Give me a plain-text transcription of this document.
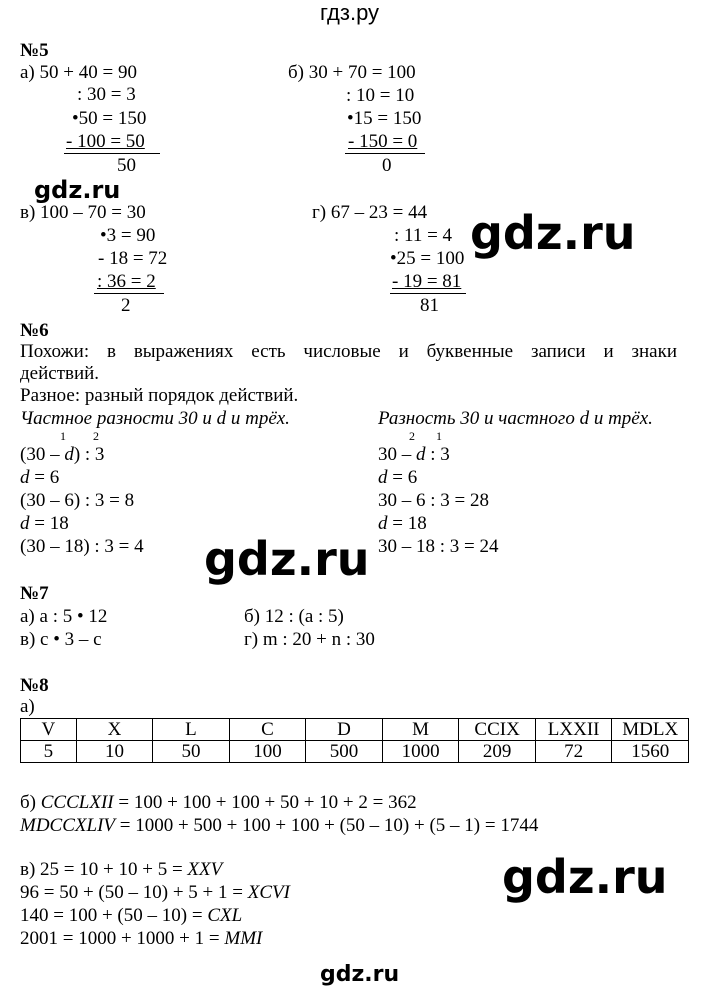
гдз.ру
№5
а) 50 + 40 = 90
: 30 = 3
•50 = 150
- 100 = 50
50
б) 30 + 70 = 100
: 10 = 10
•15 = 150
- 150 = 0
0
gdz.ru
в) 100 – 70 = 30
•3 = 90
- 18 = 72
: 36 = 2
2
г) 67 – 23 = 44
: 11 = 4
•25 = 100
- 19 = 81
81
gdz.ru
№6
Похожи: в выражениях есть числовые и буквенные записи и знаки
действий.
Разное: разный порядок действий.
Частное разности 30 и d и трёх.	Разность 30 и частного d и трёх.
1 2	2 1
(30 – d) : 3
d = 6
(30 – 6) : 3 = 8
d = 18
(30 – 18) : 3 = 4
30 – d : 3
d = 6
30 – 6 : 3 = 28
d = 18
30 – 18 : 3 = 24
gdz.ru
№7
а) а : 5 • 12	б) 12 : (а : 5)
в) с • 3 – с	г) m : 20 + n : 30
№8
а)
V	X	L	C	D	M	CCIX	LXXII	MDLX
5	10	50	100	500	1000	209	72	1560
б) CCCLXII = 100 + 100 + 100 + 50 + 10 + 2 = 362
MDCCXLIV = 1000 + 500 + 100 + 100 + (50 – 10) + (5 – 1) = 1744
в) 25 = 10 + 10 + 5 = XXV
96 = 50 + (50 – 10) + 5 + 1 = XCVI
140 = 100 + (50 – 10) = CXL
2001 = 1000 + 1000 + 1 = MMI
gdz.ru
gdz.ru
